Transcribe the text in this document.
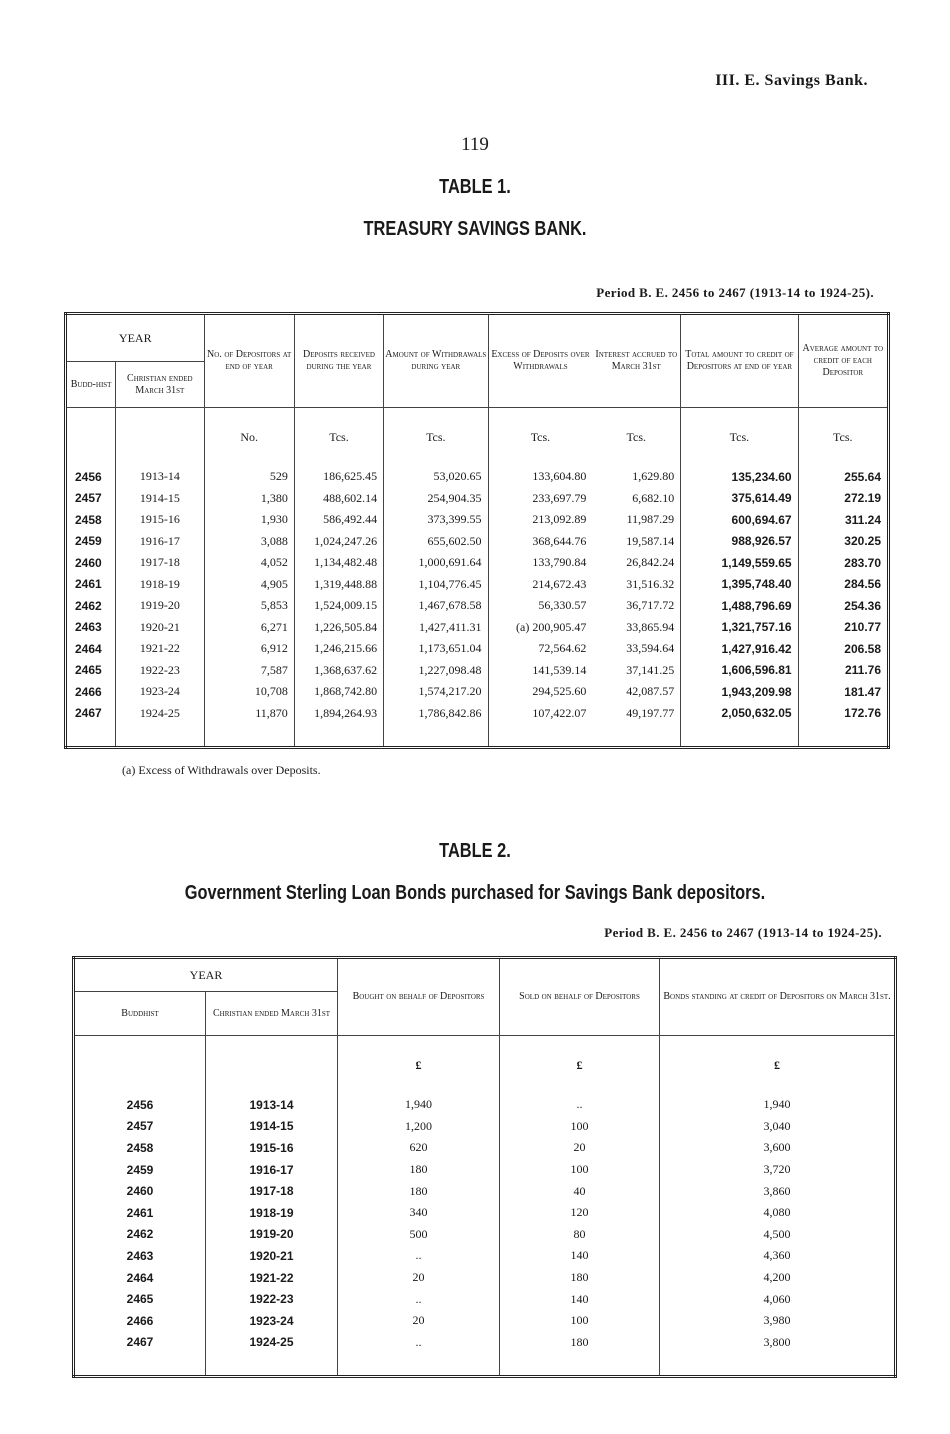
III. E. Savings Bank.
119
TABLE 1.
TREASURY SAVINGS BANK.
Period B. E. 2456 to 2467 (1913-14 to 1924-25).
YEAR		No. of Depositors at end of year	Deposits received during the year	Amount of Withdrawals during year	Excess of Deposits over Withdrawals	Interest accrued to March 31st	Total amount to credit of Depositors at end of year	Average amount to credit of each Depositor
Budd-hist	Christian ended March 31st							
		No.	Tcs.	Tcs.	Tcs.	Tcs.	Tcs.	Tcs.
2456	1913-14	529	186,625.45	53,020.65	133,604.80	1,629.80	135,234.60	255.64
2457	1914-15	1,380	488,602.14	254,904.35	233,697.79	6,682.10	375,614.49	272.19
2458	1915-16	1,930	586,492.44	373,399.55	213,092.89	11,987.29	600,694.67	311.24
2459	1916-17	3,088	1,024,247.26	655,602.50	368,644.76	19,587.14	988,926.57	320.25
2460	1917-18	4,052	1,134,482.48	1,000,691.64	133,790.84	26,842.24	1,149,559.65	283.70
2461	1918-19	4,905	1,319,448.88	1,104,776.45	214,672.43	31,516.32	1,395,748.40	284.56
2462	1919-20	5,853	1,524,009.15	1,467,678.58	56,330.57	36,717.72	1,488,796.69	254.36
2463	1920-21	6,271	1,226,505.84	1,427,411.31	(a) 200,905.47	33,865.94	1,321,757.16	210.77
2464	1921-22	6,912	1,246,215.66	1,173,651.04	72,564.62	33,594.64	1,427,916.42	206.58
2465	1922-23	7,587	1,368,637.62	1,227,098.48	141,539.14	37,141.25	1,606,596.81	211.76
2466	1923-24	10,708	1,868,742.80	1,574,217.20	294,525.60	42,087.57	1,943,209.98	181.47
2467	1924-25	11,870	1,894,264.93	1,786,842.86	107,422.07	49,197.77	2,050,632.05	172.76

(a) Excess of Withdrawals over Deposits.
TABLE 2.
Government Sterling Loan Bonds purchased for Savings Bank depositors.
Period B. E. 2456 to 2467 (1913-14 to 1924-25).
YEAR		Bought on behalf of Depositors	Sold on behalf of Depositors	Bonds standing at credit of Depositors on March 31st.
Buddhist	Christian ended March 31st			
		£	£	£
2456	1913-14	1,940	..	1,940
2457	1914-15	1,200	100	3,040
2458	1915-16	620	20	3,600
2459	1916-17	180	100	3,720
2460	1917-18	180	40	3,860
2461	1918-19	340	120	4,080
2462	1919-20	500	80	4,500
2463	1920-21	..	140	4,360
2464	1921-22	20	180	4,200
2465	1922-23	..	140	4,060
2466	1923-24	20	100	3,980
2467	1924-25	..	180	3,800
